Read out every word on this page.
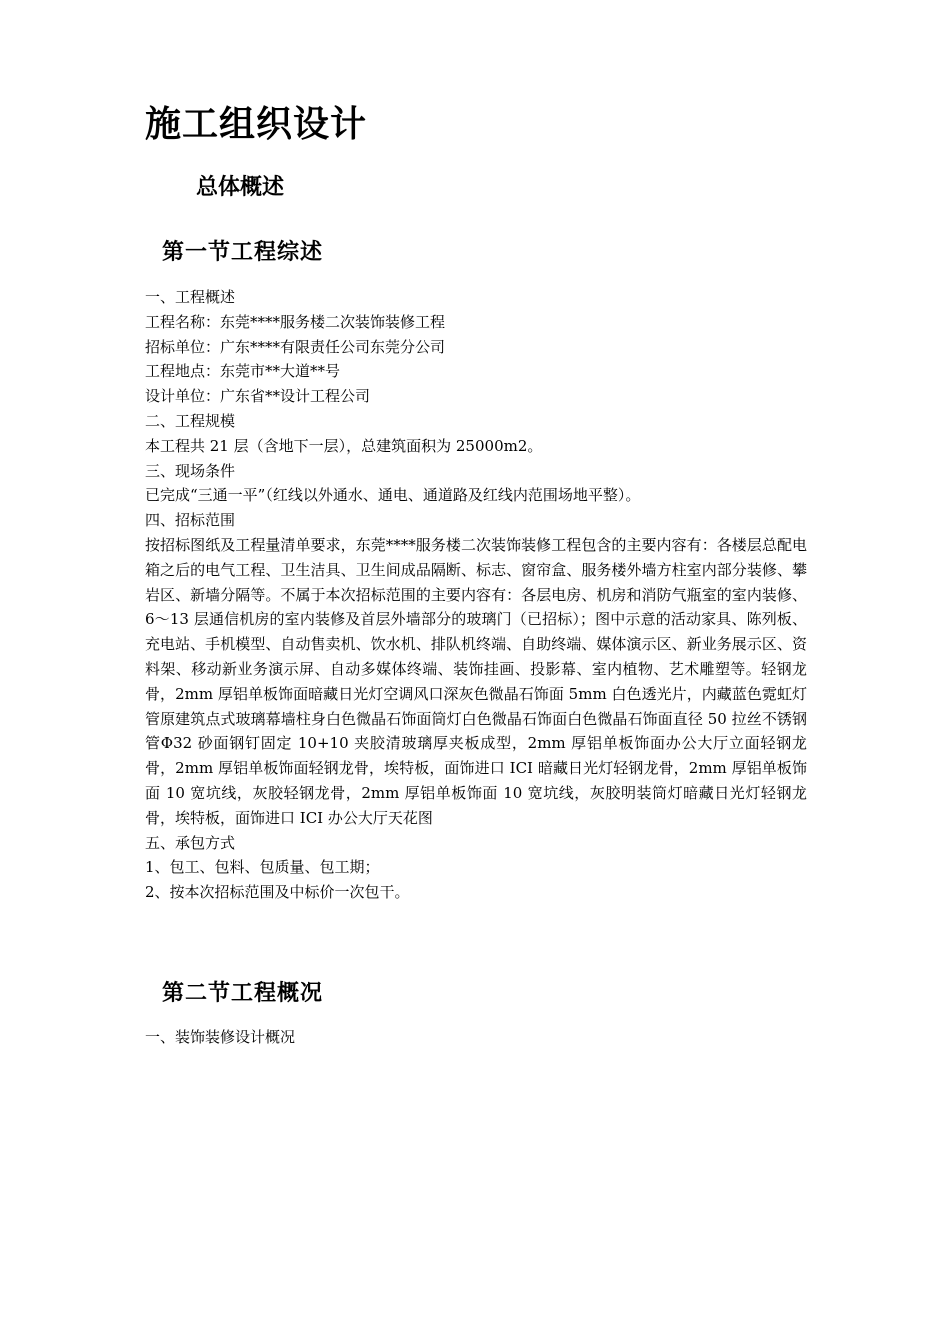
施工组织设计
总体概述
第一节工程综述
一、工程概述
工程名称：东莞****服务楼二次装饰装修工程
招标单位：广东****有限责任公司东莞分公司
工程地点：东莞市**大道**号
设计单位：广东省**设计工程公司
二、工程规模
本工程共 21 层（含地下一层），总建筑面积为 25000m2。
三、现场条件
已完成“三通一平”（红线以外通水、通电、通道路及红线内范围场地平整）。
四、招标范围
按招标图纸及工程量清单要求，东莞****服务楼二次装饰装修工程包含的主要内容有：各楼层总配电箱之后的电气工程、卫生洁具、卫生间成品隔断、标志、窗帘盒、服务楼外墙方柱室内部分装修、攀岩区、新墙分隔等。不属于本次招标范围的主要内容有：各层电房、机房和消防气瓶室的室内装修、6～13 层通信机房的室内装修及首层外墙部分的玻璃门（已招标）；图中示意的活动家具、陈列板、充电站、手机模型、自动售卖机、饮水机、排队机终端、自助终端、媒体演示区、新业务展示区、资料架、移动新业务演示屏、自动多媒体终端、装饰挂画、投影幕、室内植物、艺术雕塑等。轻钢龙骨，2mm 厚铝单板饰面暗藏日光灯空调风口深灰色微晶石饰面 5mm 白色透光片，内藏蓝色霓虹灯管原建筑点式玻璃幕墙柱身白色微晶石饰面筒灯白色微晶石饰面白色微晶石饰面直径 50 拉丝不锈钢管Φ32 砂面钢钉固定 10+10 夹胶清玻璃厚夹板成型，2mm 厚铝单板饰面办公大厅立面轻钢龙骨，2mm 厚铝单板饰面轻钢龙骨，埃特板，面饰进口 ICI 暗藏日光灯轻钢龙骨，2mm 厚铝单板饰面 10 宽坑线，灰胶轻钢龙骨，2mm 厚铝单板饰面 10 宽坑线，灰胶明装筒灯暗藏日光灯轻钢龙骨，埃特板，面饰进口 ICI 办公大厅天花图
五、承包方式
1、包工、包料、包质量、包工期；
2、按本次招标范围及中标价一次包干。
第二节工程概况
一、装饰装修设计概况
